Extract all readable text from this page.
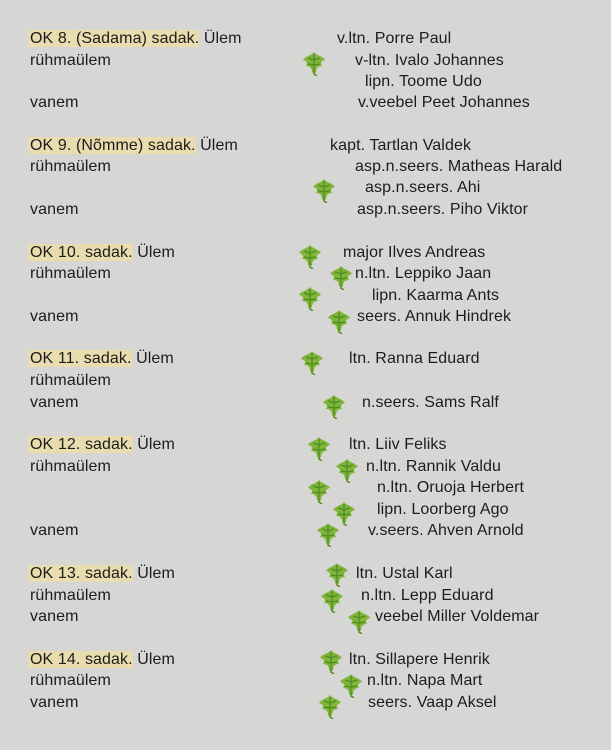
OK 8. (Sadama) sadak. Ülem	v.ltn. Porre Paul
rühmaülem	v-ltn. Ivalo Johannes
lipn. Toome Udo
vanem	v.veebel Peet Johannes
OK 9. (Nõmme) sadak. Ülem	kapt. Tartlan Valdek
rühmaülem	asp.n.seers. Matheas Harald
asp.n.seers. Ahi
vanem	asp.n.seers. Piho Viktor
OK 10. sadak. Ülem	major Ilves Andreas
rühmaülem	n.ltn. Leppiko Jaan
lipn. Kaarma Ants
vanem	seers. Annuk Hindrek
OK 11. sadak. Ülem	ltn. Ranna Eduard
rühmaülem
vanem	n.seers. Sams Ralf
OK 12. sadak. Ülem	ltn. Liiv Feliks
rühmaülem	n.ltn. Rannik Valdu
n.ltn. Oruoja Herbert
lipn. Loorberg Ago
vanem	v.seers. Ahven Arnold
OK 13. sadak. Ülem	ltn. Ustal Karl
rühmaülem	n.ltn. Lepp Eduard
vanem	veebel Miller Voldemar
OK 14. sadak. Ülem	ltn. Sillapere Henrik
rühmaülem	n.ltn. Napa Mart
vanem	seers. Vaap Aksel
